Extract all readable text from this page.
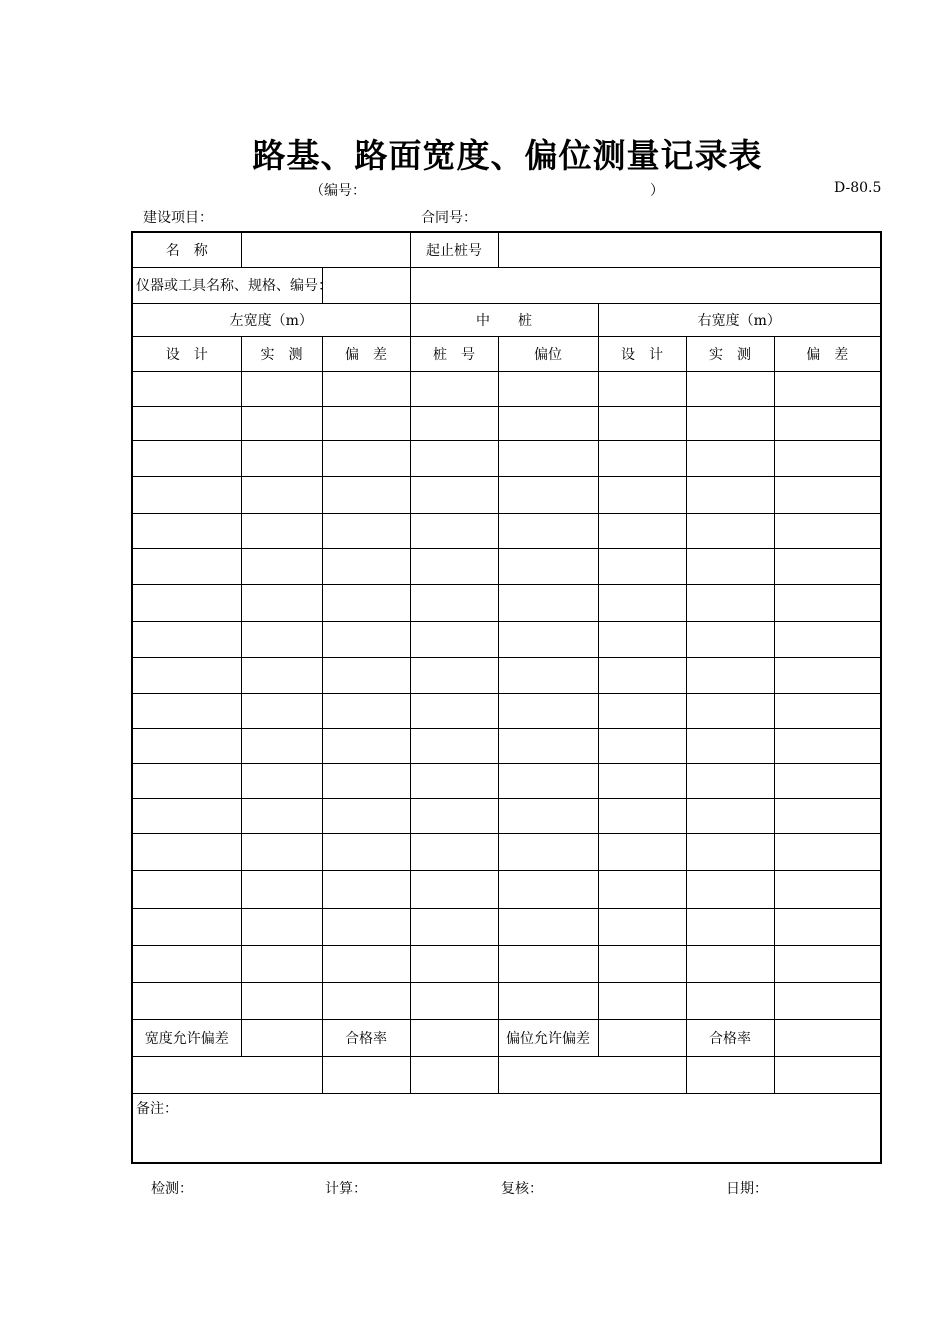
路基、路面宽度、偏位测量记录表
（编号：	）	D-80.5
建设项目：	合同号：
名　称			起止桩号				
仪器或工具名称、规格、编号：							
左宽度（m）			中　　桩		右宽度（m）		
设　计	实　测	偏　差	桩　号	偏位	设　计	实　测	偏　差

宽度允许偏差		合格率		偏位允许偏差		合格率	

备注：							
检测：	计算：	复核：	日期：
